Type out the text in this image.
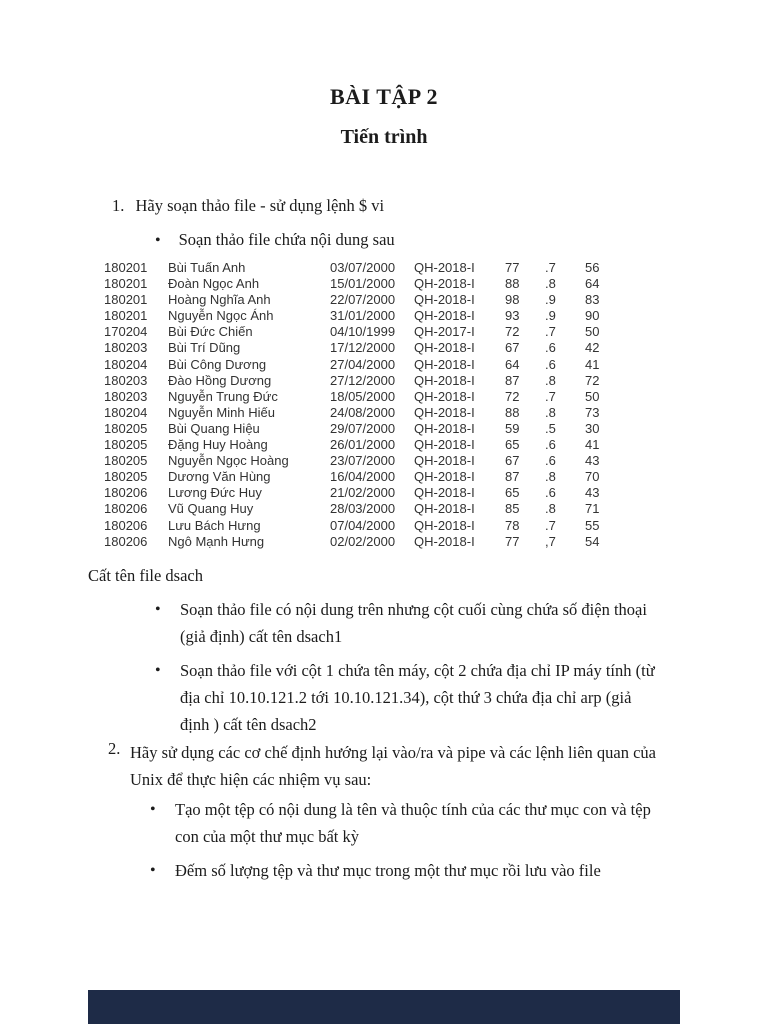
BÀI TẬP 2
Tiến trình
1. Hãy soạn thảo file - sử dụng lệnh $ vi
• Soạn thảo file chứa nội dung sau
180201	Bùi Tuấn Anh	03/07/2000	QH-2018-I	77	.7	56
180201	Đoàn Ngọc Anh	15/01/2000	QH-2018-I	88	.8	64
180201	Hoàng Nghĩa Anh	22/07/2000	QH-2018-I	98	.9	83
180201	Nguyễn Ngọc Ánh	31/01/2000	QH-2018-I	93	.9	90
170204	Bùi Đức Chiến	04/10/1999	QH-2017-I	72	.7	50
180203	Bùi Trí Dũng	17/12/2000	QH-2018-I	67	.6	42
180204	Bùi Công Dương	27/04/2000	QH-2018-I	64	.6	41
180203	Đào Hồng Dương	27/12/2000	QH-2018-I	87	.8	72
180203	Nguyễn Trung Đức	18/05/2000	QH-2018-I	72	.7	50
180204	Nguyễn Minh Hiếu	24/08/2000	QH-2018-I	88	.8	73
180205	Bùi Quang Hiệu	29/07/2000	QH-2018-I	59	.5	30
180205	Đặng Huy Hoàng	26/01/2000	QH-2018-I	65	.6	41
180205	Nguyễn Ngọc Hoàng	23/07/2000	QH-2018-I	67	.6	43
180205	Dương Văn Hùng	16/04/2000	QH-2018-I	87	.8	70
180206	Lương Đức Huy	21/02/2000	QH-2018-I	65	.6	43
180206	Vũ Quang Huy	28/03/2000	QH-2018-I	85	.8	71
180206	Lưu Bách Hưng	07/04/2000	QH-2018-I	78	.7	55
180206	Ngô Mạnh Hưng	02/02/2000	QH-2018-I	77	,7	54
Cất tên file dsach
• Soạn thảo file có nội dung trên nhưng cột cuối cùng chứa số điện thoại (giả định) cất tên dsach1
• Soạn thảo file với cột 1 chứa tên máy, cột 2 chứa địa chỉ IP máy tính (từ địa chỉ 10.10.121.2 tới 10.10.121.34), cột thứ 3 chứa địa chỉ arp (giả định ) cất tên dsach2
2. Hãy sử dụng các cơ chế định hướng lại vào/ra và pipe và các lệnh liên quan của Unix để thực hiện các nhiệm vụ sau:
• Tạo một tệp có nội dung là tên và thuộc tính của các thư mục con và tệp con của một thư mục bất kỳ
• Đếm số lượng tệp và thư mục trong một thư mục rồi lưu vào file
